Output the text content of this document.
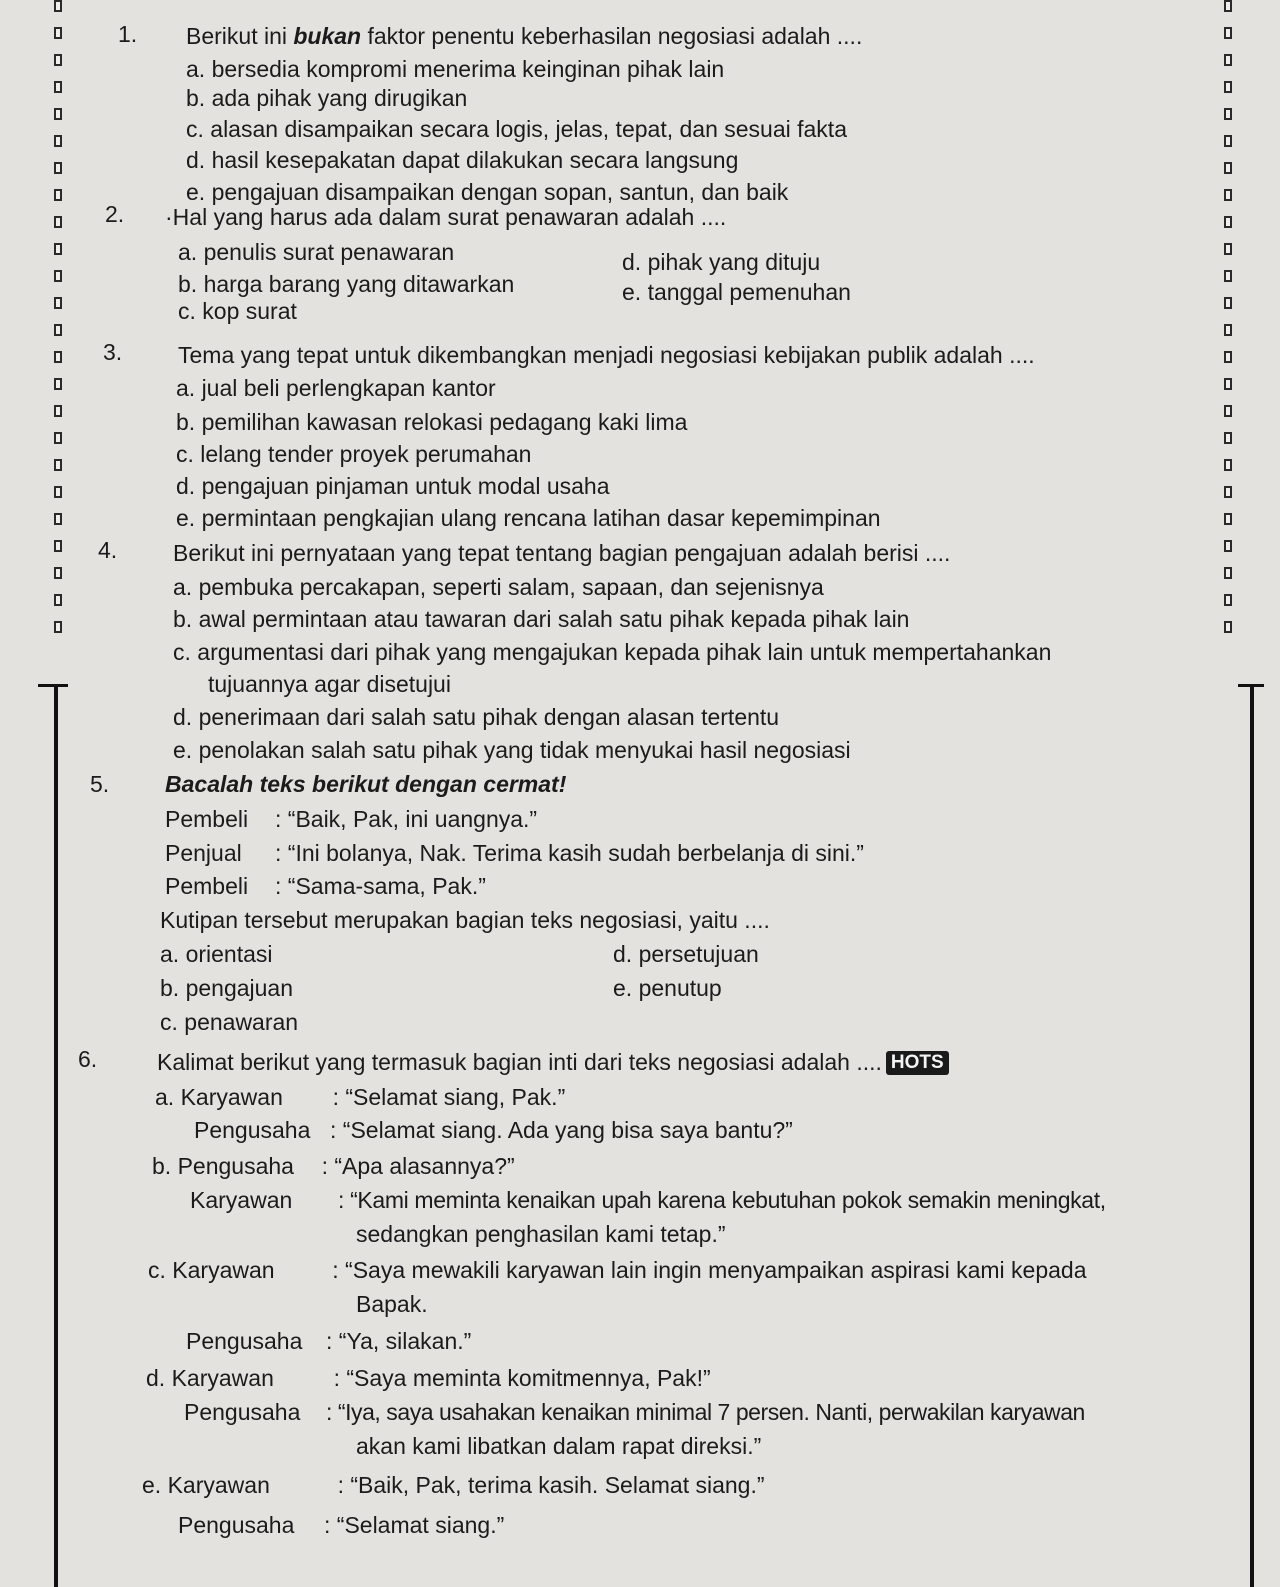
1. Berikut ini bukan faktor penentu keberhasilan negosiasi adalah ....
a. bersedia kompromi menerima keinginan pihak lain
b. ada pihak yang dirugikan
c. alasan disampaikan secara logis, jelas, tepat, dan sesuai fakta
d. hasil kesepakatan dapat dilakukan secara langsung
e. pengajuan disampaikan dengan sopan, santun, dan baik
2. ·Hal yang harus ada dalam surat penawaran adalah ....
a. penulis surat penawaran
b. harga barang yang ditawarkan
c. kop surat
d. pihak yang dituju
e. tanggal pemenuhan
3. Tema yang tepat untuk dikembangkan menjadi negosiasi kebijakan publik adalah ....
a. jual beli perlengkapan kantor
b. pemilihan kawasan relokasi pedagang kaki lima
c. lelang tender proyek perumahan
d. pengajuan pinjaman untuk modal usaha
e. permintaan pengkajian ulang rencana latihan dasar kepemimpinan
4. Berikut ini pernyataan yang tepat tentang bagian pengajuan adalah berisi ....
a. pembuka percakapan, seperti salam, sapaan, dan sejenisnya
b. awal permintaan atau tawaran dari salah satu pihak kepada pihak lain
c. argumentasi dari pihak yang mengajukan kepada pihak lain untuk mempertahankan
tujuannya agar disetujui
d. penerimaan dari salah satu pihak dengan alasan tertentu
e. penolakan salah satu pihak yang tidak menyukai hasil negosiasi
5. Bacalah teks berikut dengan cermat!
Pembeli : “Baik, Pak, ini uangnya.”
Penjual : “Ini bolanya, Nak. Terima kasih sudah berbelanja di sini.”
Pembeli : “Sama-sama, Pak.”
Kutipan tersebut merupakan bagian teks negosiasi, yaitu ....
a. orientasi
b. pengajuan
c. penawaran
d. persetujuan
e. penutup
6.	Kalimat berikut yang termasuk bagian inti dari teks negosiasi adalah .... HOTS
a. Karyawan : “Selamat siang, Pak.”
Pengusaha : “Selamat siang. Ada yang bisa saya bantu?”
b. Pengusaha : “Apa alasannya?”
Karyawan : “Kami meminta kenaikan upah karena kebutuhan pokok semakin meningkat,
sedangkan penghasilan kami tetap.”
c. Karyawan	: “Saya mewakili karyawan lain ingin menyampaikan aspirasi kami kepada
Bapak.
Pengusaha : “Ya, silakan.”
d. Karyawan	: “Saya meminta komitmennya, Pak!”
Pengusaha : “Iya, saya usahakan kenaikan minimal 7 persen. Nanti, perwakilan karyawan
akan kami libatkan dalam rapat direksi.”
e. Karyawan	: “Baik, Pak, terima kasih. Selamat siang.”
Pengusaha : “Selamat siang.”
